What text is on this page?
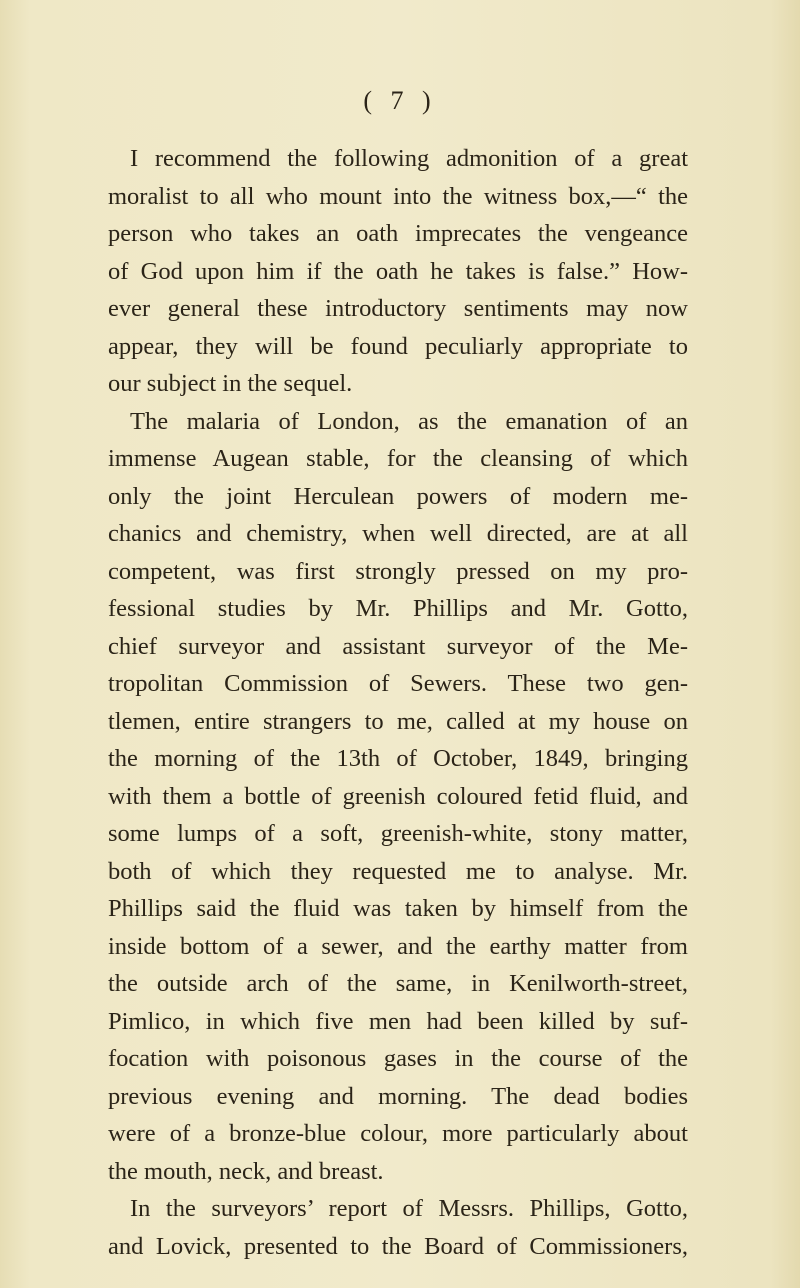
( 7 )
I recommend the following admonition of a great
moralist to all who mount into the witness box,—“ the
person who takes an oath imprecates the vengeance
of God upon him if the oath he takes is false.” How-
ever general these introductory sentiments may now
appear, they will be found peculiarly appropriate to
our subject in the sequel.
The malaria of London, as the emanation of an
immense Augean stable, for the cleansing of which
only the joint Herculean powers of modern me-
chanics and chemistry, when well directed, are at all
competent, was first strongly pressed on my pro-
fessional studies by Mr. Phillips and Mr. Gotto,
chief surveyor and assistant surveyor of the Me-
tropolitan Commission of Sewers. These two gen-
tlemen, entire strangers to me, called at my house on
the morning of the 13th of October, 1849, bringing
with them a bottle of greenish coloured fetid fluid, and
some lumps of a soft, greenish-white, stony matter,
both of which they requested me to analyse. Mr.
Phillips said the fluid was taken by himself from the
inside bottom of a sewer, and the earthy matter from
the outside arch of the same, in Kenilworth-street,
Pimlico, in which five men had been killed by suf-
focation with poisonous gases in the course of the
previous evening and morning. The dead bodies
were of a bronze-blue colour, more particularly about
the mouth, neck, and breast.
In the surveyors’ report of Messrs. Phillips, Gotto,
and Lovick, presented to the Board of Commissioners,
